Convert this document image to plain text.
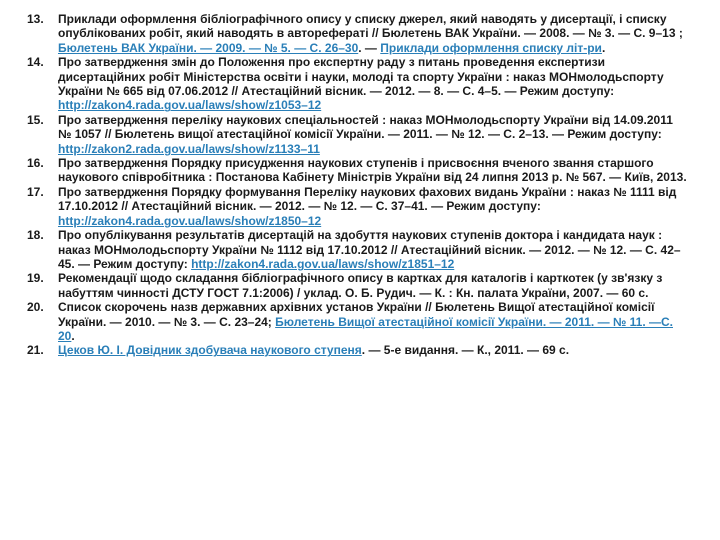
13.	Приклади оформлення бібліографічного опису у списку джерел, який наводять у дисертації, і списку опублікованих робіт, який наводять в авторефераті // Бюлетень ВАК України. — 2008. — № 3. — С. 9–13 ; Бюлетень ВАК України. — 2009. — № 5. — С. 26–30. — Приклади оформлення списку літ-ри.
14.	Про затвердження змін до Положення про експертну раду з питань проведення експертизи дисертаційних робіт Міністерства освіти і науки, молоді та спорту України : наказ МОНмолодьспорту України № 665 від 07.06.2012 // Атестаційний вісник. — 2012. — 8. — С. 4–5. — Режим доступу: http://zakon4.rada.gov.ua/laws/show/z1053–12
15.	Про затвердження переліку наукових спеціальностей : наказ МОНмолодьспорту України від 14.09.2011 № 1057 // Бюлетень вищої атестаційної комісії України. — 2011. — № 12. — С. 2–13. — Режим доступу: http://zakon2.rada.gov.ua/laws/show/z1133–11
16.	Про затвердження Порядку присудження наукових ступенів і присвоєння вченого звання старшого наукового співробітника : Постанова Кабінету Міністрів України від 24 липня 2013 р. № 567. — Київ, 2013.
17.	Про затвердження Порядку формування Переліку наукових фахових видань України : наказ № 1111 від 17.10.2012 // Атестаційний вісник. — 2012. — № 12. — С. 37–41. — Режим доступу: http://zakon4.rada.gov.ua/laws/show/z1850–12
18.	Про опублікування результатів дисертацій на здобуття наукових ступенів доктора і кандидата наук : наказ МОНмолодьспорту України № 1112 від 17.10.2012 // Атестаційний вісник. — 2012. — № 12. — С. 42–45. — Режим доступу: http://zakon4.rada.gov.ua/laws/show/z1851–12
19.	Рекомендації щодо складання бібліографічного опису в картках для каталогів і карткотек (у зв'язку з набуттям чинності ДСТУ ГОСТ 7.1:2006) / уклад. О. Б. Рудич. — К. : Кн. палата України, 2007. — 60 с.
20.	Список скорочень назв державних архівних установ України // Бюлетень Вищої атестаційної комісії України. — 2010. — № 3. — С. 23–24; Бюлетень Вищої атестаційної комісії України. — 2011. — № 11. —С. 20.
21.	Цеков Ю. І. Довідник здобувача наукового ступеня. — 5-е видання. — К., 2011. — 69 с.
